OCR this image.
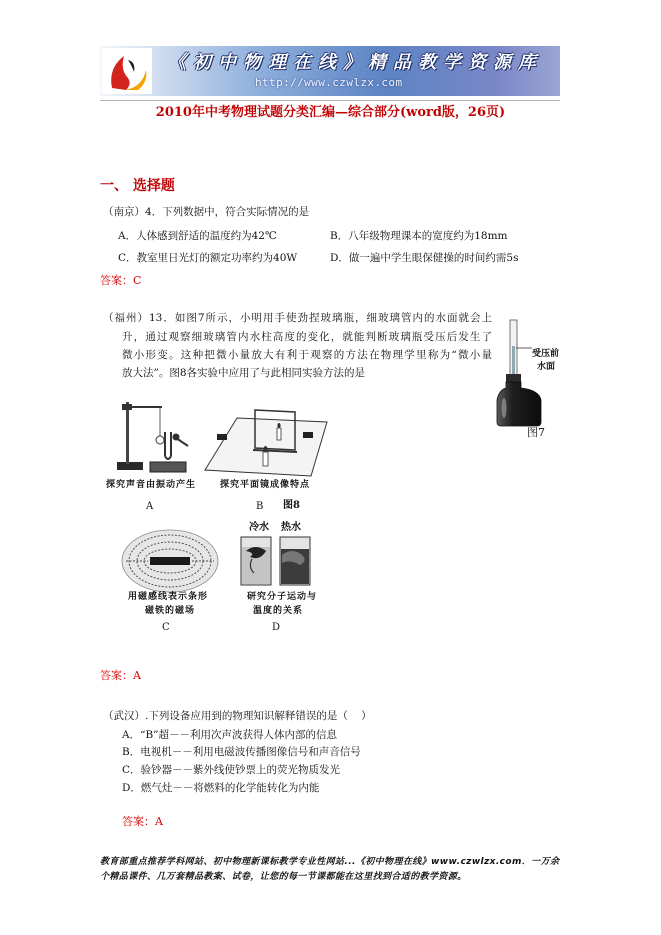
《初中物理在线》精品教学资源库
http://www.czwlzx.com
2010年中考物理试题分类汇编—综合部分(word版，26页)
一、 选择题
（南京）4．下列数据中，符合实际情况的是
A．人体感到舒适的温度约为42℃	B．八年级物理课本的宽度约为18mm
C．教室里日光灯的额定功率约为40W	D．做一遍中学生眼保健操的时间约需5s
答案：C
（福州）13．如图7所示，小明用手使劲捏玻璃瓶，细玻璃管内的水面就会上
升，通过观察细玻璃管内水柱高度的变化，就能判断玻璃瓶受压后发生了
微小形变。这种把微小量放大有利于观察的方法在物理学里称为“微小量
放大法”。图8各实验中应用了与此相同实验方法的是
受压前
水面
图7
探究声音由振动产生
A
探究平面镜成像特点
B 图8
用磁感线表示条形
磁铁的磁场
C
冷水 热水
研究分子运动与
温度的关系
D
答案：A
（武汉）.下列设备应用到的物理知识解释错误的是（    ）
A．“B”超－－利用次声波获得人体内部的信息
B．电视机－－利用电磁波传播图像信号和声音信号
C．验钞器－－紫外线使钞票上的荧光物质发光
D．燃气灶－－将燃料的化学能转化为内能
答案：A
教育部重点推荐学科网站、初中物理新课标教学专业性网站...《初中物理在线》www.czwlzx.com．一万余
个精品课件、几万套精品教案、试卷，让您的每一节课都能在这里找到合适的教学资源。
